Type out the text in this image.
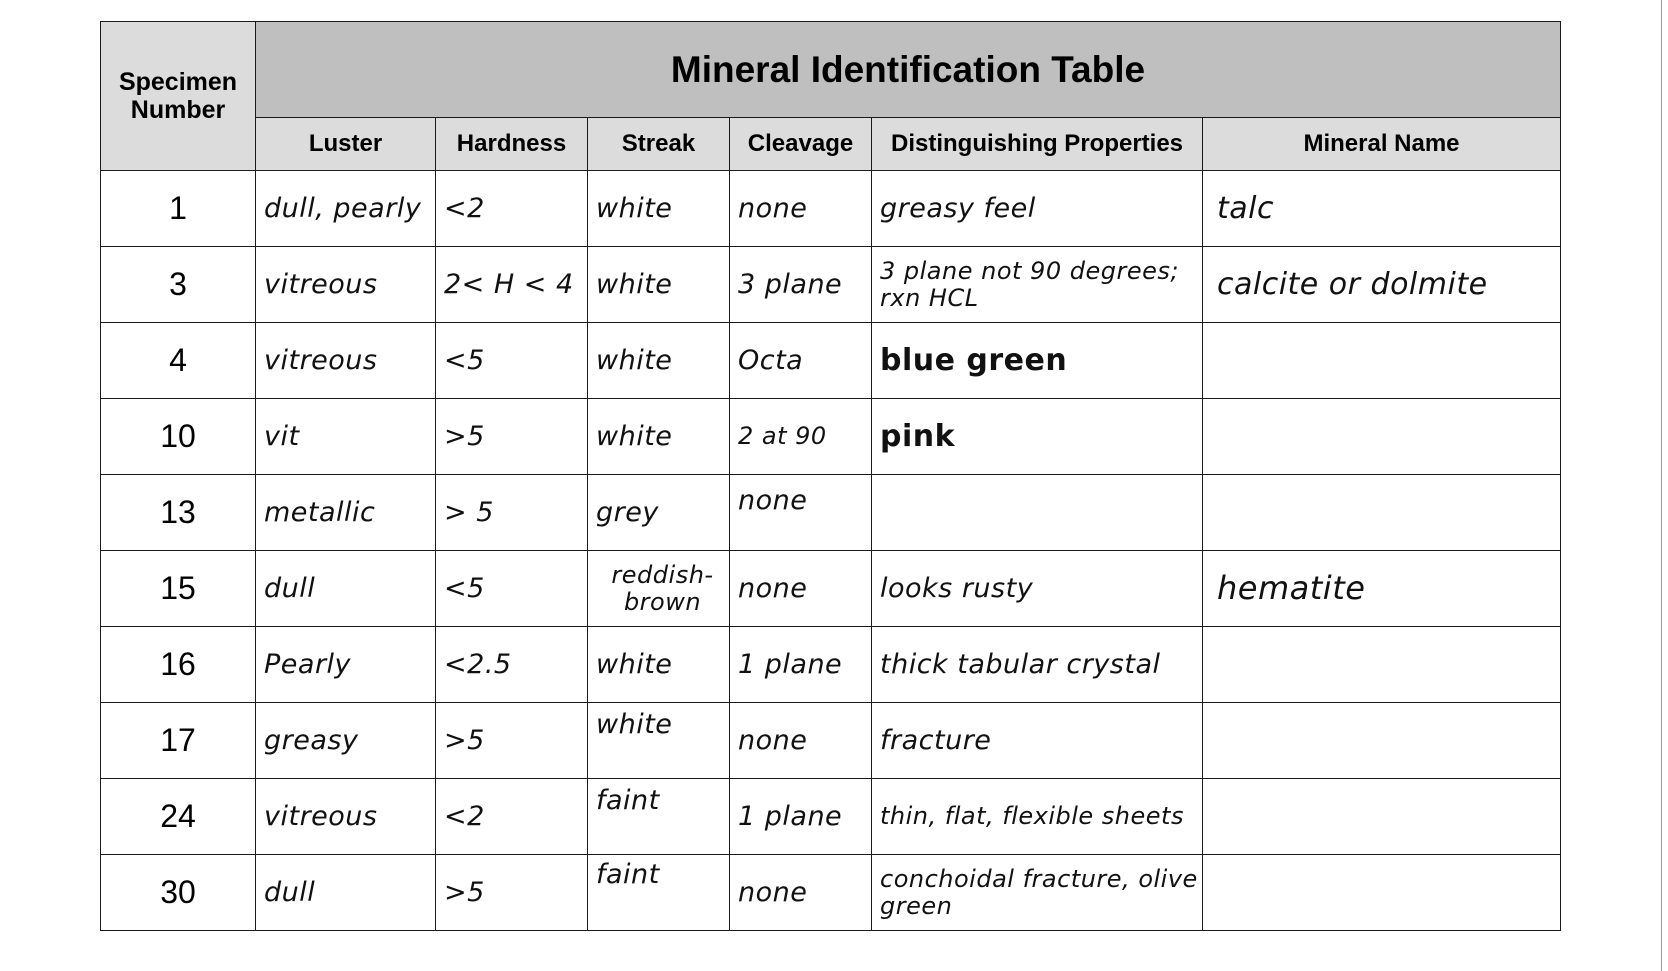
Specimen Number	Mineral Identification Table					
	Luster	Hardness	Streak	Cleavage	Distinguishing Properties	Mineral Name
1	dull, pearly	<2	white	none	greasy feel	talc
3	vitreous	2< H < 4	white	3 plane	3 plane not 90 degrees; rxn HCL	calcite or dolmite
4	vitreous	<5	white	Octa	blue green	
10	vit	>5	white	2 at 90	pink	
13	metallic	> 5	grey	none		
15	dull	<5	reddish-brown	none	looks rusty	hematite
16	Pearly	<2.5	white	1 plane	thick tabular crystal	
17	greasy	>5	white	none	fracture	
24	vitreous	<2	faint	1 plane	thin, flat, flexible sheets	
30	dull	>5	faint	none	conchoidal fracture, olive green	
